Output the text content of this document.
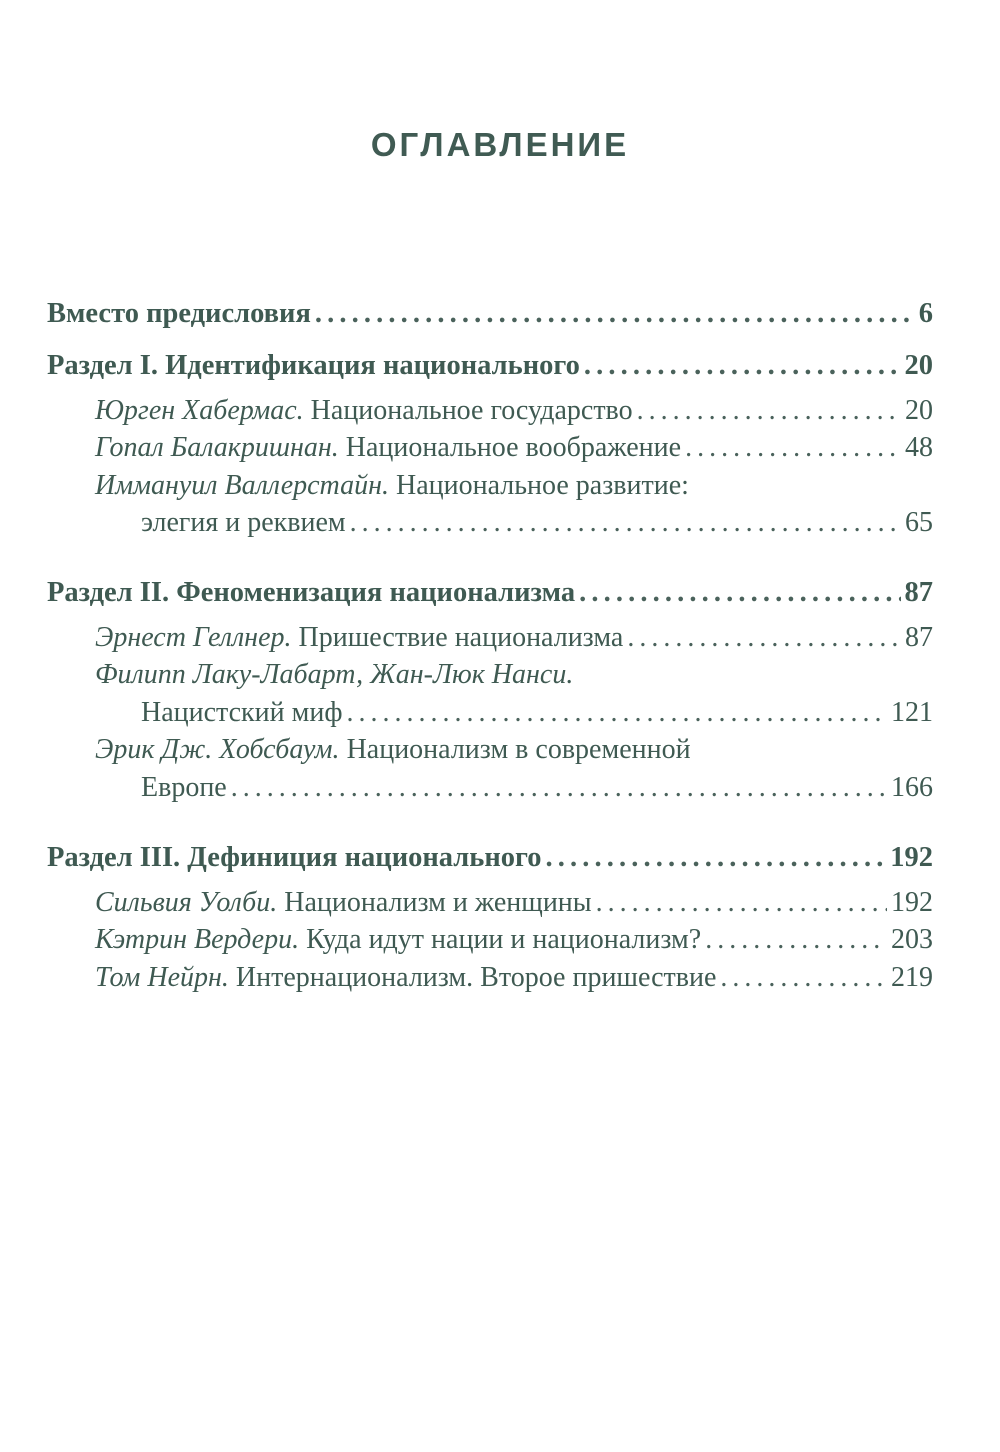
ОГЛАВЛЕНИЕ
Вместо предисловия . . .	6
Раздел I. Идентификация национального . . .	20
Юрген Хабермас. Национальное государство . . .	20
Гопал Балакришнан. Национальное воображение . . .	48
Иммануил Валлерстайн. Национальное развитие:
элегия и реквием . . .	65
Раздел II. Феноменизация национализма . . .	87
Эрнест Геллнер. Пришествие национализма . . .	87
Филипп Лаку-Лабарт, Жан-Люк Нанси.
Нацистский миф . . .	121
Эрик Дж. Хобсбаум. Национализм в современной
Европе . . .	166
Раздел III. Дефиниция национального . . .	192
Сильвия Уолби. Национализм и женщины . . .	192
Кэтрин Вердери. Куда идут нации и национализм? . . .	203
Том Нейрн. Интернационализм. Второе пришествие . . .	219
